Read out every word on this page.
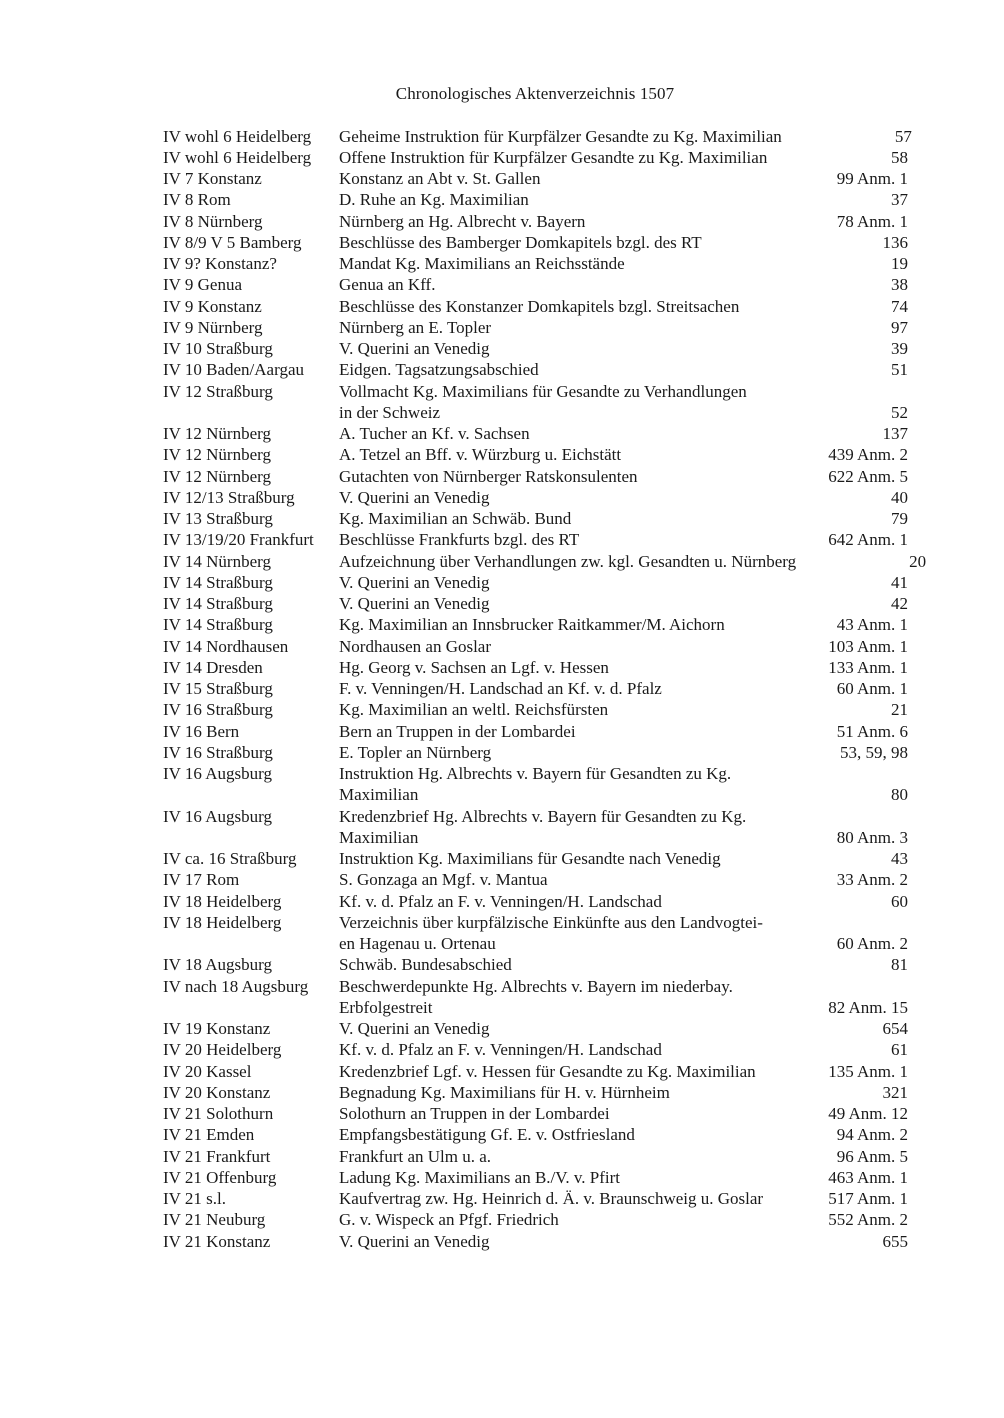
Chronologisches Aktenverzeichnis 1507
IV wohl 6 Heidelberg	Geheime Instruktion für Kurpfälzer Gesandte zu Kg. Maximilian	57
IV wohl 6 Heidelberg	Offene Instruktion für Kurpfälzer Gesandte zu Kg. Maximilian	58
IV 7 Konstanz	Konstanz an Abt v. St. Gallen	99 Anm. 1
IV 8 Rom	D. Ruhe an Kg. Maximilian	37
IV 8 Nürnberg	Nürnberg an Hg. Albrecht v. Bayern	78 Anm. 1
IV 8/9 V 5 Bamberg	Beschlüsse des Bamberger Domkapitels bzgl. des RT	136
IV 9? Konstanz?	Mandat Kg. Maximilians an Reichsstände	19
IV 9 Genua	Genua an Kff.	38
IV 9 Konstanz	Beschlüsse des Konstanzer Domkapitels bzgl. Streitsachen	74
IV 9 Nürnberg	Nürnberg an E. Topler	97
IV 10 Straßburg	V. Querini an Venedig	39
IV 10 Baden/Aargau	Eidgen. Tagsatzungsabschied	51
IV 12 Straßburg	Vollmacht Kg. Maximilians für Gesandte zu Verhandlungen
in der Schweiz	52
IV 12 Nürnberg	A. Tucher an Kf. v. Sachsen	137
IV 12 Nürnberg	A. Tetzel an Bff. v. Würzburg u. Eichstätt	439 Anm. 2
IV 12 Nürnberg	Gutachten von Nürnberger Ratskonsulenten	622 Anm. 5
IV 12/13 Straßburg	V. Querini an Venedig	40
IV 13 Straßburg	Kg. Maximilian an Schwäb. Bund	79
IV 13/19/20 Frankfurt	Beschlüsse Frankfurts bzgl. des RT	642 Anm. 1
IV 14 Nürnberg	Aufzeichnung über Verhandlungen zw. kgl. Gesandten u. Nürnberg	20
IV 14 Straßburg	V. Querini an Venedig	41
IV 14 Straßburg	V. Querini an Venedig	42
IV 14 Straßburg	Kg. Maximilian an Innsbrucker Raitkammer/M. Aichorn	43 Anm. 1
IV 14 Nordhausen	Nordhausen an Goslar	103 Anm. 1
IV 14 Dresden	Hg. Georg v. Sachsen an Lgf. v. Hessen	133 Anm. 1
IV 15 Straßburg	F. v. Venningen/H. Landschad an Kf. v. d. Pfalz	60 Anm. 1
IV 16 Straßburg	Kg. Maximilian an weltl. Reichsfürsten	21
IV 16 Bern	Bern an Truppen in der Lombardei	51 Anm. 6
IV 16 Straßburg	E. Topler an Nürnberg	53, 59, 98
IV 16 Augsburg	Instruktion Hg. Albrechts v. Bayern für Gesandten zu Kg.
Maximilian	80
IV 16 Augsburg	Kredenzbrief Hg. Albrechts v. Bayern für Gesandten zu Kg.
Maximilian	80 Anm. 3
IV ca. 16 Straßburg	Instruktion Kg. Maximilians für Gesandte nach Venedig	43
IV 17 Rom	S. Gonzaga an Mgf. v. Mantua	33 Anm. 2
IV 18 Heidelberg	Kf. v. d. Pfalz an F. v. Venningen/H. Landschad	60
IV 18 Heidelberg	Verzeichnis über kurpfälzische Einkünfte aus den Landvogtei-
en Hagenau u. Ortenau	60 Anm. 2
IV 18 Augsburg	Schwäb. Bundesabschied	81
IV nach 18 Augsburg	Beschwerdepunkte Hg. Albrechts v. Bayern im niederbay.
Erbfolgestreit	82 Anm. 15
IV 19 Konstanz	V. Querini an Venedig	654
IV 20 Heidelberg	Kf. v. d. Pfalz an F. v. Venningen/H. Landschad	61
IV 20 Kassel	Kredenzbrief Lgf. v. Hessen für Gesandte zu Kg. Maximilian	135 Anm. 1
IV 20 Konstanz	Begnadung Kg. Maximilians für H. v. Hürnheim	321
IV 21 Solothurn	Solothurn an Truppen in der Lombardei	49 Anm. 12
IV 21 Emden	Empfangsbestätigung Gf. E. v. Ostfriesland	94 Anm. 2
IV 21 Frankfurt	Frankfurt an Ulm u. a.	96 Anm. 5
IV 21 Offenburg	Ladung Kg. Maximilians an B./V. v. Pfirt	463 Anm. 1
IV 21 s.l.	Kaufvertrag zw. Hg. Heinrich d. Ä. v. Braunschweig u. Goslar	517 Anm. 1
IV 21 Neuburg	G. v. Wispeck an Pfgf. Friedrich	552 Anm. 2
IV 21 Konstanz	V. Querini an Venedig	655
